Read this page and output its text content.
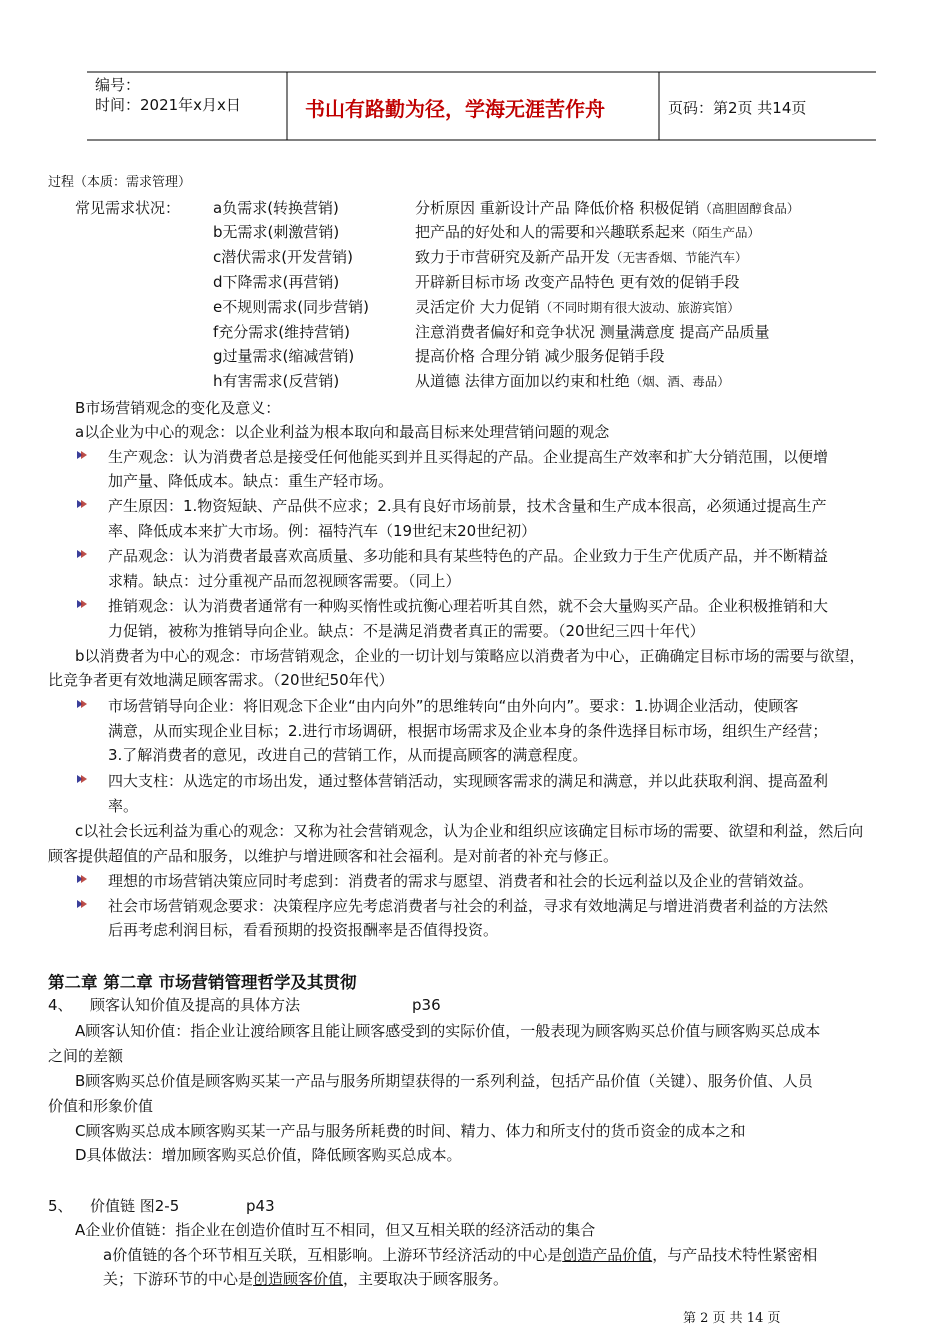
编号：
时间：2021年x月x日	书山有路勤为径，学海无涯苦作舟	页码：第2页 共14页
过程（本质：需求管理）
常见需求状况： a负需求(转换营销)	分析原因 重新设计产品 降低价格 积极促销（高胆固醇食品）
b无需求(刺激营销)	把产品的好处和人的需要和兴趣联系起来（陌生产品）
c潜伏需求(开发营销)	致力于市营研究及新产品开发（无害香烟、节能汽车）
d下降需求(再营销)	开辟新目标市场 改变产品特色 更有效的促销手段
e不规则需求(同步营销)	灵活定价 大力促销（不同时期有很大波动、旅游宾馆）
f充分需求(维持营销)	注意消费者偏好和竞争状况 测量满意度 提高产品质量
g过量需求(缩减营销)	提高价格 合理分销 减少服务促销手段
h有害需求(反营销)	从道德 法律方面加以约束和杜绝（烟、酒、毒品）
B市场营销观念的变化及意义：
a以企业为中心的观念：以企业利益为根本取向和最高目标来处理营销问题的观念
生产观念：认为消费者总是接受任何他能买到并且买得起的产品。企业提高生产效率和扩大分销范围，以便增
加产量、降低成本。缺点：重生产轻市场。
产生原因：1.物资短缺、产品供不应求；2.具有良好市场前景，技术含量和生产成本很高，必须通过提高生产
率、降低成本来扩大市场。例：福特汽车（19世纪末20世纪初）
产品观念：认为消费者最喜欢高质量、多功能和具有某些特色的产品。企业致力于生产优质产品，并不断精益
求精。缺点：过分重视产品而忽视顾客需要。（同上）
推销观念：认为消费者通常有一种购买惰性或抗衡心理若听其自然，就不会大量购买产品。企业积极推销和大
力促销，被称为推销导向企业。缺点：不是满足消费者真正的需要。（20世纪三四十年代）
b以消费者为中心的观念：市场营销观念，企业的一切计划与策略应以消费者为中心，正确确定目标市场的需要与欲望，
比竞争者更有效地满足顾客需求。（20世纪50年代）
市场营销导向企业：将旧观念下企业“由内向外”的思维转向“由外向内”。要求：1.协调企业活动，使顾客
满意，从而实现企业目标；2.进行市场调研，根据市场需求及企业本身的条件选择目标市场，组织生产经营；
3.了解消费者的意见，改进自己的营销工作，从而提高顾客的满意程度。
四大支柱：从选定的市场出发，通过整体营销活动，实现顾客需求的满足和满意，并以此获取利润、提高盈利
率。
c以社会长远利益为重心的观念：又称为社会营销观念，认为企业和组织应该确定目标市场的需要、欲望和利益，然后向
顾客提供超值的产品和服务，以维护与增进顾客和社会福利。是对前者的补充与修正。
理想的市场营销决策应同时考虑到：消费者的需求与愿望、消费者和社会的长远利益以及企业的营销效益。
社会市场营销观念要求：决策程序应先考虑消费者与社会的利益，寻求有效地满足与增进消费者利益的方法然
后再考虑利润目标，看看预期的投资报酬率是否值得投资。
第二章 第二章 市场营销管理哲学及其贯彻
4、 顾客认知价值及提高的具体方法	p36
A顾客认知价值：指企业让渡给顾客且能让顾客感受到的实际价值，一般表现为顾客购买总价值与顾客购买总成本
之间的差额
B顾客购买总价值是顾客购买某一产品与服务所期望获得的一系列利益，包括产品价值（关键）、服务价值、人员
价值和形象价值
C顾客购买总成本顾客购买某一产品与服务所耗费的时间、精力、体力和所支付的货币资金的成本之和
D具体做法：增加顾客购买总价值，降低顾客购买总成本。
5、 价值链 图2-5	p43
A企业价值链：指企业在创造价值时互不相同，但又互相关联的经济活动的集合
a价值链的各个环节相互关联，互相影响。上游环节经济活动的中心是创造产品价值，与产品技术特性紧密相
关；下游环节的中心是创造顾客价值，主要取决于顾客服务。
第 2 页 共 14 页
